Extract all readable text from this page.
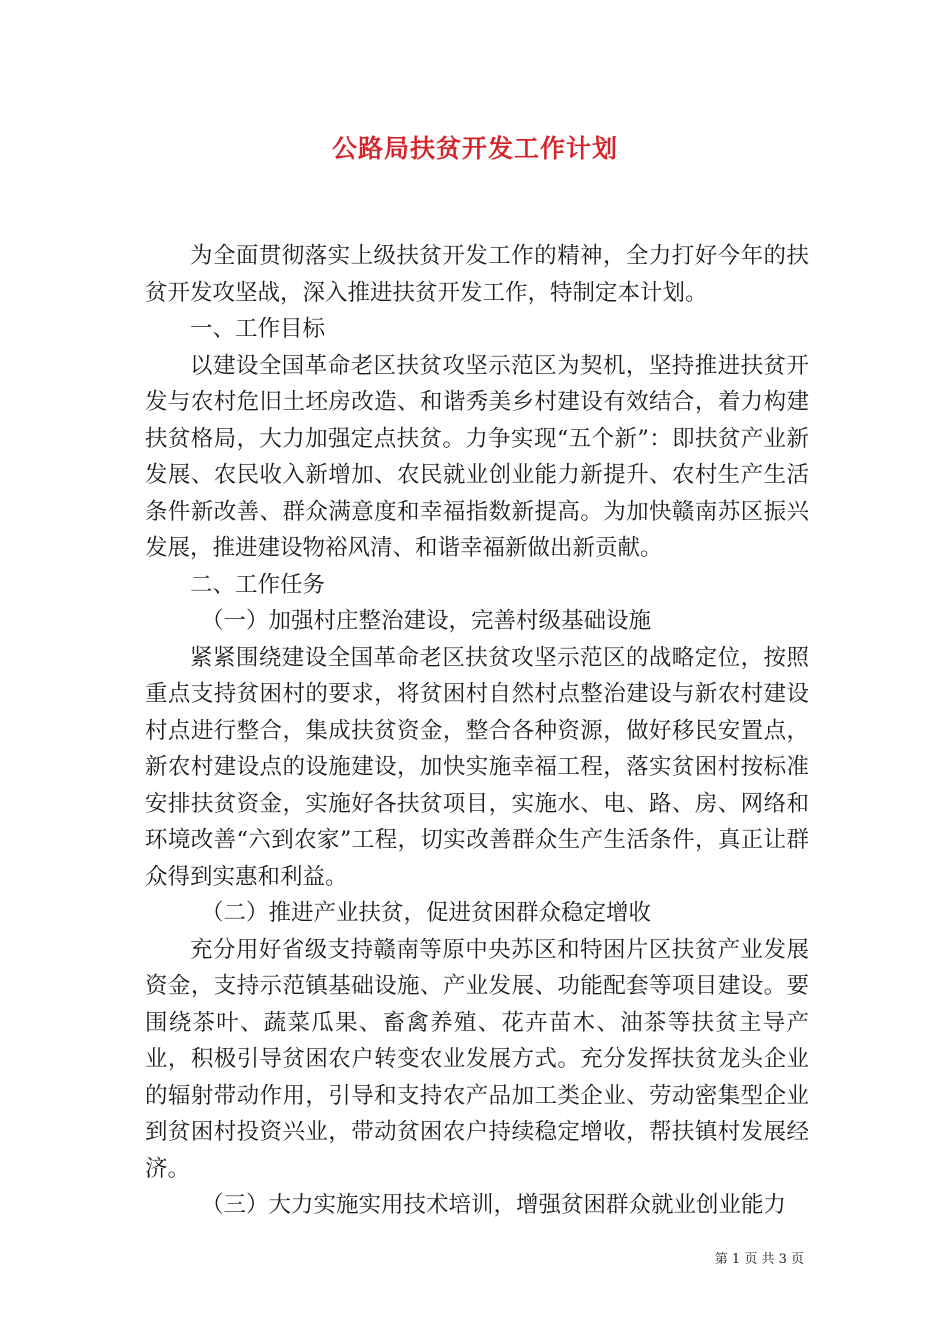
公路局扶贫开发工作计划

为全面贯彻落实上级扶贫开发工作的精神，全力打好今年的扶贫开发攻坚战，深入推进扶贫开发工作，特制定本计划。

一、工作目标

以建设全国革命老区扶贫攻坚示范区为契机，坚持推进扶贫开发与农村危旧土坯房改造、和谐秀美乡村建设有效结合，着力构建扶贫格局，大力加强定点扶贫。力争实现“五个新”：即扶贫产业新发展、农民收入新增加、农民就业创业能力新提升、农村生产生活条件新改善、群众满意度和幸福指数新提高。为加快赣南苏区振兴发展，推进建设物裕风清、和谐幸福新做出新贡献。

二、工作任务

（一）加强村庄整治建设，完善村级基础设施

紧紧围绕建设全国革命老区扶贫攻坚示范区的战略定位，按照重点支持贫困村的要求，将贫困村自然村点整治建设与新农村建设村点进行整合，集成扶贫资金，整合各种资源，做好移民安置点，新农村建设点的设施建设，加快实施幸福工程，落实贫困村按标准安排扶贫资金，实施好各扶贫项目，实施水、电、路、房、网络和环境改善“六到农家”工程，切实改善群众生产生活条件，真正让群众得到实惠和利益。

（二）推进产业扶贫，促进贫困群众稳定增收

充分用好省级支持赣南等原中央苏区和特困片区扶贫产业发展资金，支持示范镇基础设施、产业发展、功能配套等项目建设。要围绕茶叶、蔬菜瓜果、畜禽养殖、花卉苗木、油茶等扶贫主导产业，积极引导贫困农户转变农业发展方式。充分发挥扶贫龙头企业的辐射带动作用，引导和支持农产品加工类企业、劳动密集型企业到贫困村投资兴业，带动贫困农户持续稳定增收，帮扶镇村发展经济。

（三）大力实施实用技术培训，增强贫困群众就业创业能力

第 1 页 共 3 页
